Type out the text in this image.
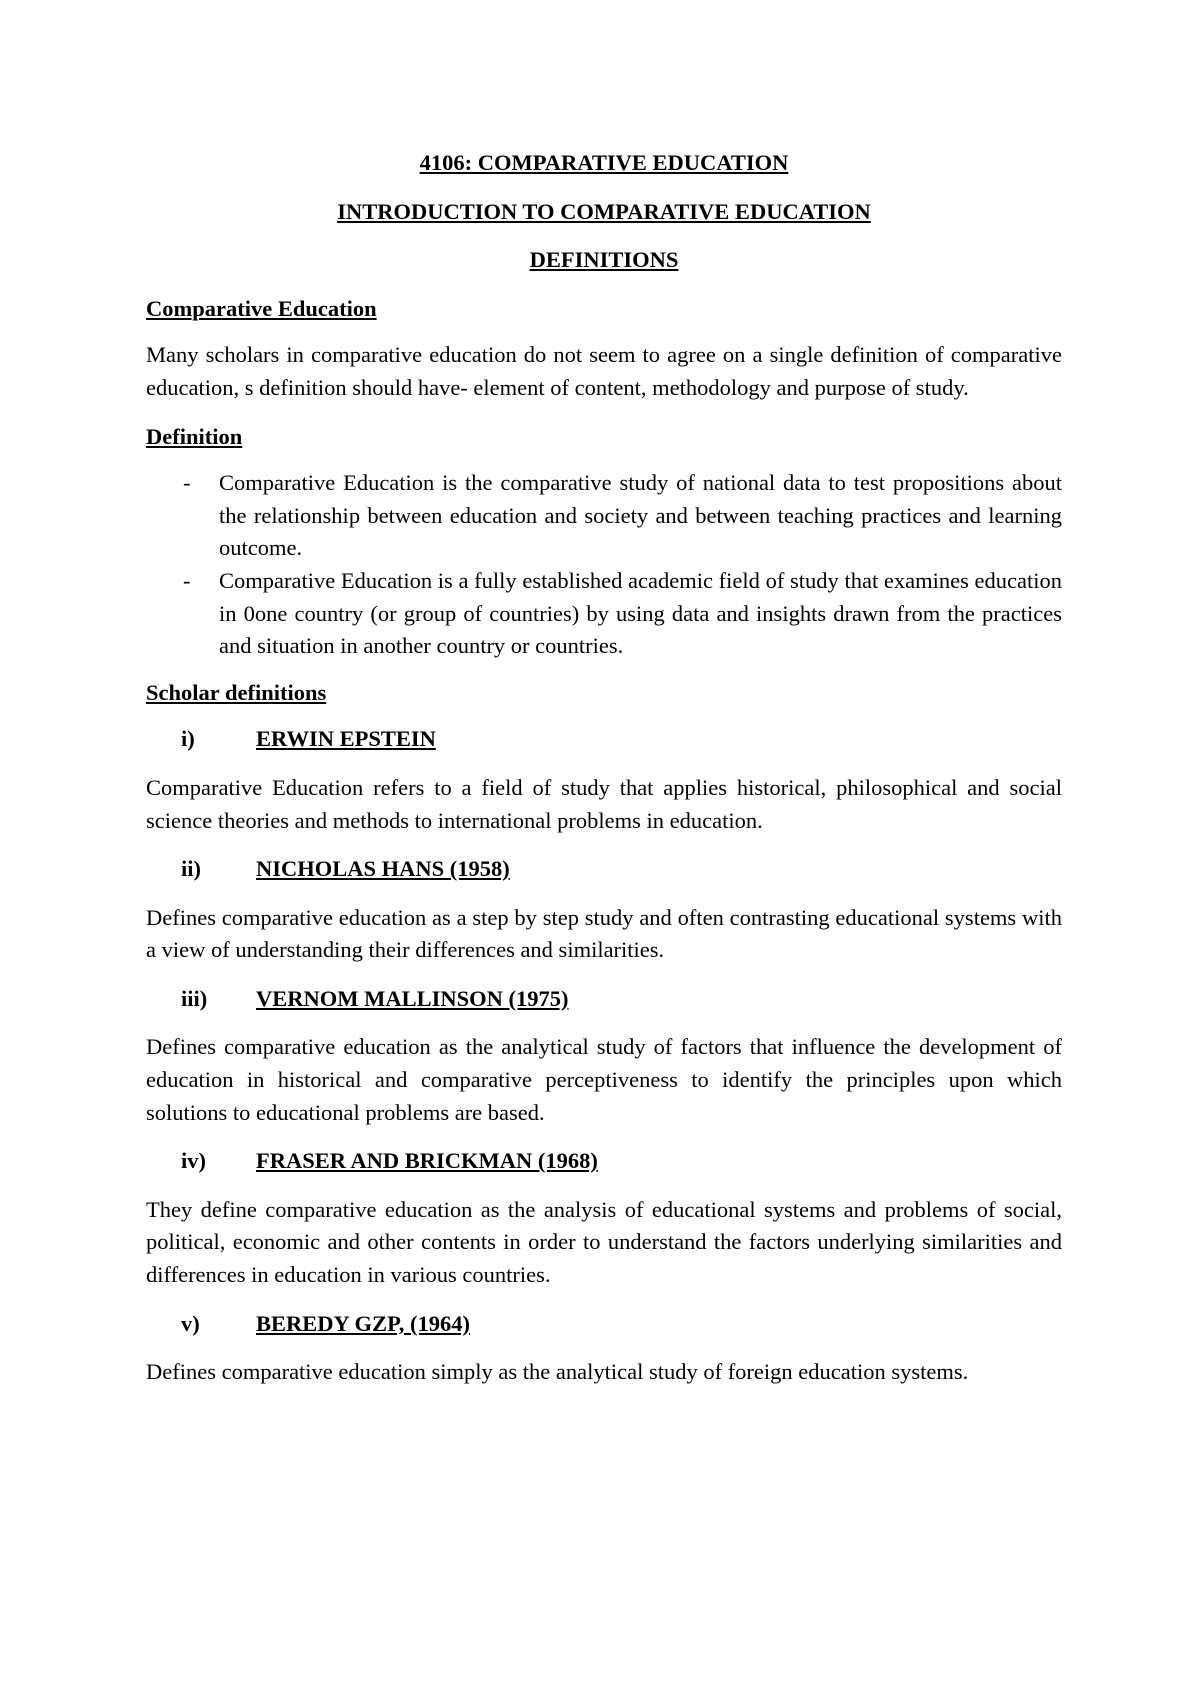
4106: COMPARATIVE EDUCATION
INTRODUCTION TO COMPARATIVE EDUCATION
DEFINITIONS
Comparative Education

Many scholars in comparative education do not seem to agree on a single definition of comparative education, s definition should have- element of content, methodology and purpose of study.

Definition
- Comparative Education is the comparative study of national data to test propositions about the relationship between education and society and between teaching practices and learning outcome.
- Comparative Education is a fully established academic field of study that examines education in 0one country (or group of countries) by using data and insights drawn from the practices and situation in another country or countries.
Scholar definitions
i)	ERWIN EPSTEIN

Comparative Education refers to a field of study that applies historical, philosophical and social science theories and methods to international problems in education.

ii)	NICHOLAS HANS (1958)

Defines comparative education as a step by step study and often contrasting educational systems with a view of understanding their differences and similarities.

iii)	VERNOM MALLINSON (1975)

Defines comparative education as the analytical study of factors that influence the development of education in historical and comparative perceptiveness to identify the principles upon which solutions to educational problems are based.

iv)	FRASER AND BRICKMAN (1968)

They define comparative education as the analysis of educational systems and problems of social, political, economic and other contents in order to understand the factors underlying similarities and differences in education in various countries.

v)	BEREDY GZP, (1964)

Defines comparative education simply as the analytical study of foreign education systems.
